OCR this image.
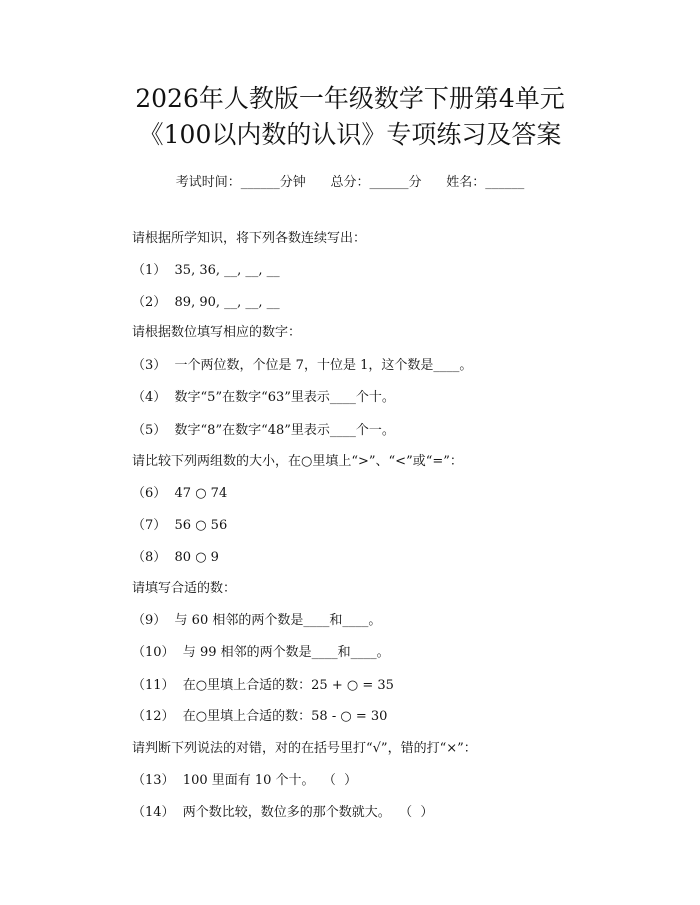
2026年人教版一年级数学下册第4单元
《100以内数的认识》专项练习及答案
考试时间：______分钟      总分：______分      姓名：______
请根据所学知识，将下列各数连续写出：
（1）  35, 36, __, __, __
（2）  89, 90, __, __, __
请根据数位填写相应的数字：
（3）  一个两位数，个位是 7，十位是 1，这个数是____。
（4）  数字“5”在数字“63”里表示____个十。
（5）  数字“8”在数字“48”里表示____个一。
请比较下列两组数的大小，在○里填上“>”、“<”或“=”：
（6）  47 ○ 74
（7）  56 ○ 56
（8）  80 ○ 9
请填写合适的数：
（9）  与 60 相邻的两个数是____和____。
（10）  与 99 相邻的两个数是____和____。
（11）  在○里填上合适的数：25 + ○ = 35
（12）  在○里填上合适的数：58 - ○ = 30
请判断下列说法的对错，对的在括号里打“√”，错的打“×”：
（13）  100 里面有 10 个十。  （  ）
（14）  两个数比较，数位多的那个数就大。  （  ）
